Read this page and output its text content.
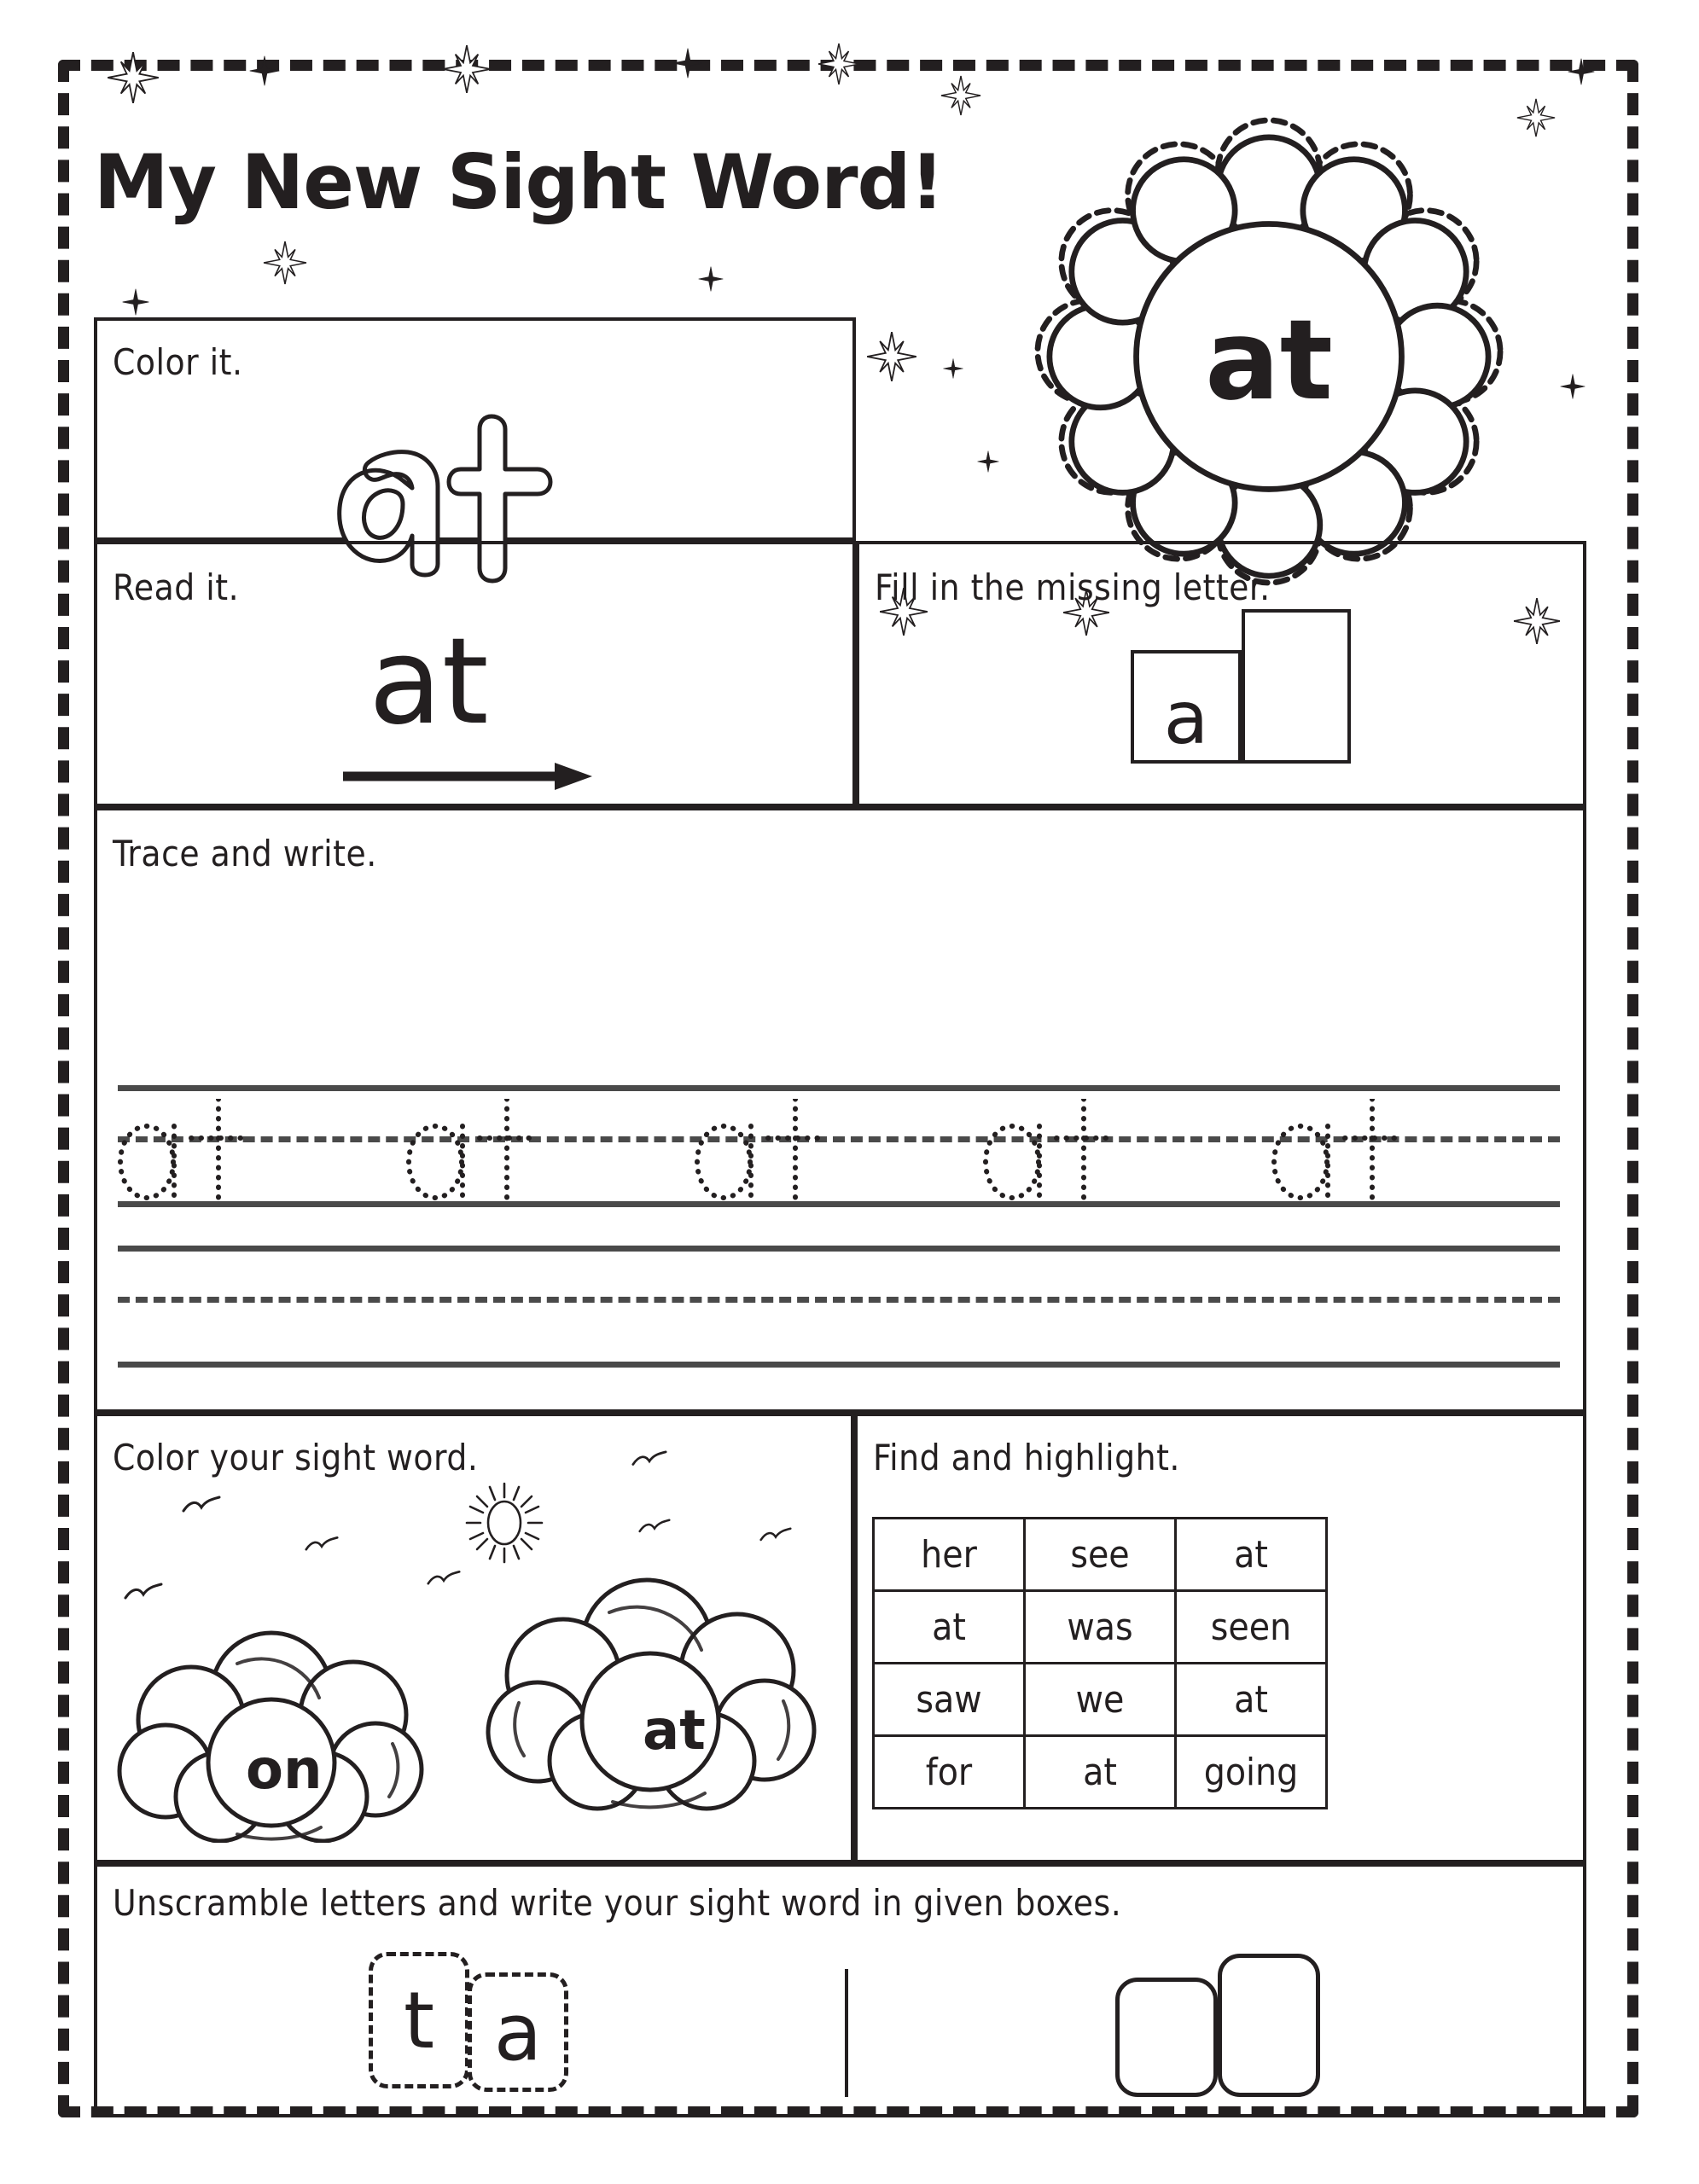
My New Sight Word!
at
Color it.
Read it.
at
Fill in the missing letter.
a
Trace and write.
Color your sight word.
on
at
Find and highlight.
her	see	at
at	was	seen
saw	we	at
for	at	going
Unscramble letters and write your sight word in given boxes.
t a
